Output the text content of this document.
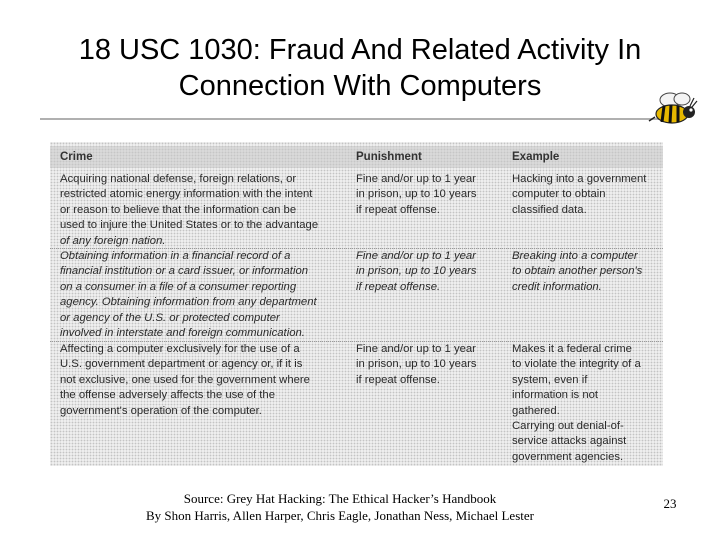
18 USC 1030: Fraud And Related Activity In
Connection With Computers
Crime	Punishment	Example
Acquiring national defense, foreign relations, or
restricted atomic energy information with the intent
or reason to believe that the information can be
used to injure the United States or to the advantage
of any foreign nation.
Fine and/or up to 1 year
in prison, up to 10 years
if repeat offense.
Hacking into a government
computer to obtain
classified data.
Obtaining information in a financial record of a
financial institution or a card issuer, or information
on a consumer in a file of a consumer reporting
agency. Obtaining information from any department
or agency of the U.S. or protected computer
involved in interstate and foreign communication.
Fine and/or up to 1 year
in prison, up to 10 years
if repeat offense.
Breaking into a computer
to obtain another person's
credit information.
Affecting a computer exclusively for the use of a
U.S. government department or agency or, if it is
not exclusive, one used for the government where
the offense adversely affects the use of the
government's operation of the computer.
Fine and/or up to 1 year
in prison, up to 10 years
if repeat offense.
Makes it a federal crime
to violate the integrity of a
system, even if
information is not
gathered.
Carrying out denial-of-
service attacks against
government agencies.
Source: Grey Hat Hacking: The Ethical Hacker’s Handbook
By Shon Harris, Allen Harper, Chris Eagle, Jonathan Ness, Michael Lester
23
